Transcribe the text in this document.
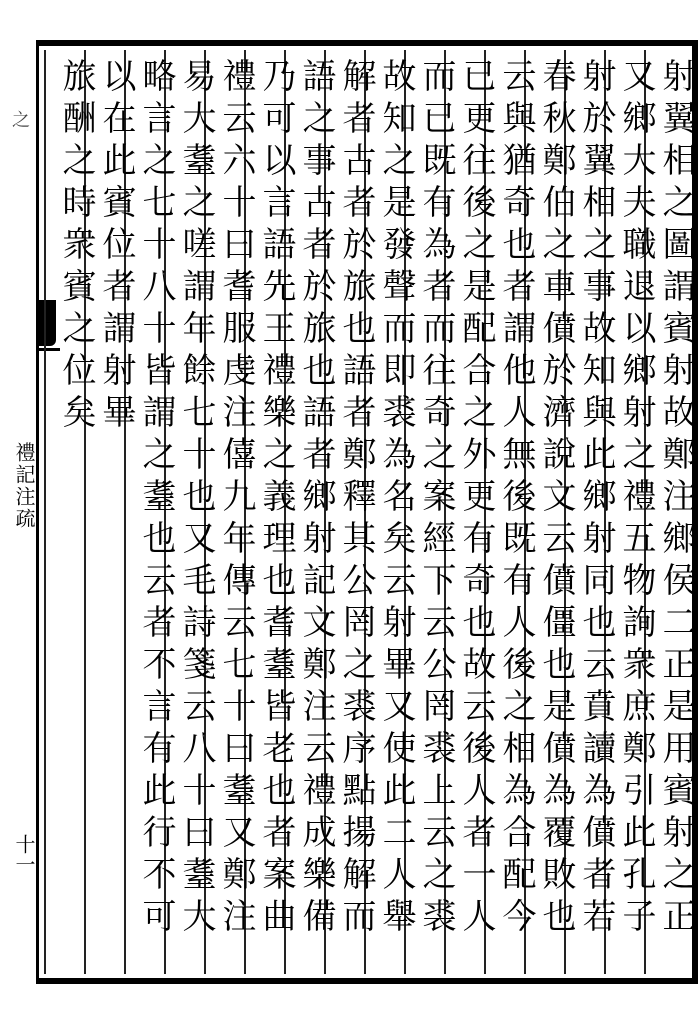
之
禮記注疏
十一	射翼相之圖謂賓射故鄭注鄉侯二正是用賓射之正
又鄉大夫職退以鄉射之禮五物詢衆庶鄭引此孔子
射於翼相之事故知與此鄉射同也云賁讀為僨者若
春秋鄭伯之車僨於濟說文云僨僵也是僨為覆敗也
云與猶奇也者謂他人無後既有人後之相為合配今
已更往後之是配合之外更有奇也故云後人者一人
而已既有為者而往奇之案經下云公罔裘上云之裘
故知之是發聲而即裘為名矣云射畢又使此二人舉
解者古者於旅也語者鄭釋其公罔之裘序點揚解而
語之事古者於旅也語者鄉射記文鄭注云禮成樂備
乃可以言語先王禮樂之義理也耆耋皆老也者案曲
禮云六十曰耆服虔注僖九年傳云七十曰耋又鄭注
易大耋之嗟謂年餘七十也又毛詩箋云八十曰耋大
略言之七十八十皆謂之耋也云者不言有此行不可
以在此賓位者謂射畢
旅酬之時衆賓之位矣
